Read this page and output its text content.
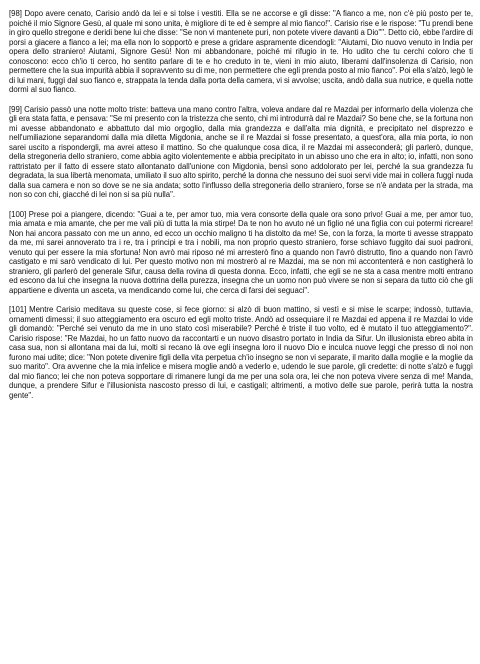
[98] Dopo avere cenato, Carisio andò da lei e si tolse i vestiti. Ella se ne accorse e gli disse: "A fianco a me, non c'è più posto per te, poiché il mio Signore Gesù, al quale mi sono unita, è migliore di te ed è sempre al mio fianco!". Carisio rise e le rispose: "Tu prendi bene in giro quello stregone e deridi bene lui che disse: "Se non vi mantenete puri, non potete vivere davanti a Dio"". Detto ciò, ebbe l'ardire di porsi a giacere a fianco a lei; ma ella non lo sopportò e prese a gridare aspramente dicendogli: "Aiutami, Dio nuovo venuto in India per opera dello straniero! Aiutami, Signore Gesù! Non mi abbandonare, poiché mi rifugio in te. Ho udito che tu cerchi coloro che ti conoscono: ecco ch'io ti cerco, ho sentito parlare di te e ho creduto in te, vieni in mio aiuto, liberami dall'insolenza di Carisio, non permettere che la sua impurità abbia il sopravvento su di me, non permettere che egli prenda posto al mio fianco". Poi ella s'alzò, legò le di lui mani, fuggì dal suo fianco e, strappata la tenda dalla porta della camera, vi si avvolse; uscita, andò dalla sua nutrice, e quella notte dormì al suo fianco.

[99] Carisio passò una notte molto triste: batteva una mano contro l'altra, voleva andare dal re Mazdai per informarlo della violenza che gli era stata fatta, e pensava: "Se mi presento con la tristezza che sento, chi mi introdurrà dal re Mazdai? So bene che, se la fortuna non mi avesse abbandonato e abbattuto dal mio orgoglio, dalla mia grandezza e dall'alta mia dignità, e precipitato nel disprezzo e nell'umiliazione separandomi dalla mia diletta Migdonia, anche se il re Mazdai si fosse presentato, a quest'ora, alla mia porta, io non sarei uscito a rispondergli, ma avrei atteso il mattino. So che qualunque cosa dica, il re Mazdai mi asseconderà; gli parlerò, dunque, della stregoneria dello straniero, come abbia agito violentemente e abbia precipitato in un abisso uno che era in alto; io, infatti, non sono rattristato per il fatto di essere stato allontanato dall'unione con Migdonia, bensì sono addolorato per lei, perché la sua grandezza fu degradata, la sua libertà menomata, umiliato il suo alto spirito, perché la donna che nessuno dei suoi servi vide mai in collera fuggì nuda dalla sua camera e non so dove se ne sia andata; sotto l'influsso della stregoneria dello straniero, forse se n'è andata per la strada, ma non so con chi, giacché di lei non si sa più nulla".

[100] Prese poi a piangere, dicendo: "Guai a te, per amor tuo, mia vera consorte della quale ora sono privo! Guai a me, per amor tuo, mia amata e mia amante, che per me vali più di tutta la mia stirpe! Da te non ho avuto né un figlio né una figlia con cui potermi ricreare! Non hai ancora passato con me un anno, ed ecco un occhio maligno ti ha distolto da me! Se, con la forza, la morte ti avesse strappato da me, mi sarei annoverato tra i re, tra i principi e tra i nobili, ma non proprio questo straniero, forse schiavo fuggito dai suoi padroni, venuto qui per essere la mia sfortuna! Non avrò mai riposo né mi arresterò fino a quando non l'avrò distrutto, fino a quando non l'avrò castigato e mi sarò vendicato di lui. Per questo motivo non mi mostrerò al re Mazdai, ma se non mi accontenterà e non castigherà lo straniero, gli parlerò del generale Sifur, causa della rovina di questa donna. Ecco, infatti, che egli se ne sta a casa mentre molti entrano ed escono da lui che insegna la nuova dottrina della purezza, insegna che un uomo non può vivere se non si separa da tutto ciò che gli appartiene e diventa un asceta, va mendicando come lui, che cerca di farsi dei seguaci".

[101] Mentre Carisio meditava su queste cose, si fece giorno: si alzò di buon mattino, si vestì e si mise le scarpe; indossò, tuttavia, ornamenti dimessi; il suo atteggiamento era oscuro ed egli molto triste. Andò ad ossequiare il re Mazdai ed appena il re Mazdai lo vide gli domandò: "Perché sei venuto da me in uno stato così miserabile? Perché è triste il tuo volto, ed è mutato il tuo atteggiamento?". Carisio rispose: "Re Mazdai, ho un fatto nuovo da raccontarti e un nuovo disastro portato in India da Sifur. Un illusionista ebreo abita in casa sua, non si allontana mai da lui, molti si recano là ove egli insegna loro il nuovo Dio e inculca nuove leggi che presso di noi non furono mai udite; dice: "Non potete divenire figli della vita perpetua ch'io insegno se non vi separate, il marito dalla moglie e la moglie da suo marito". Ora avvenne che la mia infelice e misera moglie andò a vederlo e, udendo le sue parole, gli credette: di notte s'alzò e fuggì dal mio fianco; lei che non poteva sopportare di rimanere lungi da me per una sola ora, lei che non poteva vivere senza di me! Manda, dunque, a prendere Sifur e l'illusionista nascosto presso di lui, e castigali; altrimenti, a motivo delle sue parole, perirà tutta la nostra gente".
